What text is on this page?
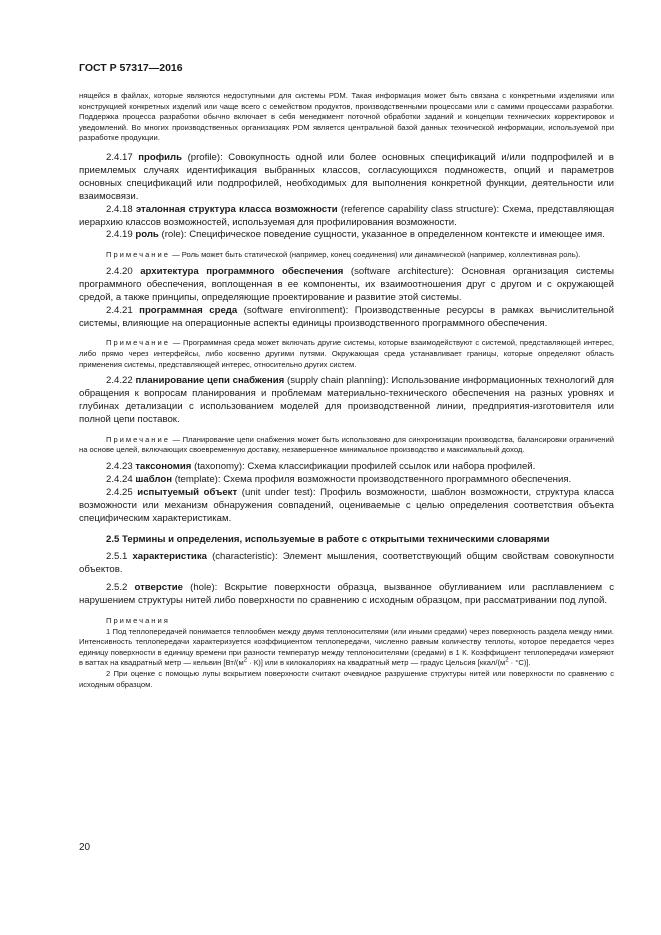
ГОСТ Р 57317—2016

нящейся в файлах, которые являются недоступными для системы PDM. Такая информация может быть связана с конкретными изделиями или конструкцией конкретных изделий или чаще всего с семейством продуктов, производственными процессами или с самими процессами разработки. Поддержка процесса разработки обычно включает в себя менеджмент поточной обработки заданий и концепции технических корректировок и уведомлений. Во многих производственных организациях PDM является центральной базой данных технической информации, используемой при разработке продукции.

2.4.17 профиль (profile): Совокупность одной или более основных спецификаций и/или подпрофилей и в приемлемых случаях идентификация выбранных классов, согласующихся подмножеств, опций и параметров основных спецификаций или подпрофилей, необходимых для выполнения конкретной функции, деятельности или взаимосвязи.

2.4.18 эталонная структура класса возможности (reference capability class structure): Схема, представляющая иерархию классов возможностей, используемая для профилирования возможности.

2.4.19 роль (role): Специфическое поведение сущности, указанное в определенном контексте и имеющее имя.

Примечание — Роль может быть статической (например, конец соединения) или динамической (например, коллективная роль).

2.4.20 архитектура программного обеспечения (software architecture): Основная организация системы программного обеспечения, воплощенная в ее компоненты, их взаимоотношения друг с другом и с окружающей средой, а также принципы, определяющие проектирование и развитие этой системы.

2.4.21 программная среда (software environment): Производственные ресурсы в рамках вычислительной системы, влияющие на операционные аспекты единицы производственного программного обеспечения.

Примечание — Программная среда может включать другие системы, которые взаимодействуют с системой, представляющей интерес, либо прямо через интерфейсы, либо косвенно другими путями. Окружающая среда устанавливает границы, которые определяют область применения системы, представляющей интерес, относительно других систем.

2.4.22 планирование цепи снабжения (supply chain planning): Использование информационных технологий для обращения к вопросам планирования и проблемам материально-технического обеспечения на разных уровнях и глубинах детализации с использованием моделей для производственной линии, предприятия-изготовителя или полной цепи поставок.

Примечание — Планирование цепи снабжения может быть использовано для синхронизации производства, балансировки ограничений на основе целей, включающих своевременную доставку, незавершенное минимальное производство и максимальный доход.

2.4.23 таксономия (taxonomy): Схема классификации профилей ссылок или набора профилей.

2.4.24 шаблон (template): Схема профиля возможности производственного программного обеспечения.

2.4.25 испытуемый объект (unit under test): Профиль возможности, шаблон возможности, структура класса возможности или механизм обнаружения совпадений, оцениваемые с целью определения соответствия объекта специфическим характеристикам.

2.5 Термины и определения, используемые в работе с открытыми техническими словарями

2.5.1 характеристика (characteristic): Элемент мышления, соответствующий общим свойствам совокупности объектов.

2.5.2 отверстие (hole): Вскрытие поверхности образца, вызванное обугливанием или расплавлением с нарушением структуры нитей либо поверхности по сравнению с исходным образцом, при рассматривании под лупой.

Примечания

1 Под теплопередачей понимается теплообмен между двумя теплоносителями (или иными средами) через поверхность раздела между ними. Интенсивность теплопередачи характеризуется коэффициентом теплопередачи, численно равным количеству теплоты, которое передается через единицу поверхности в единицу времени при разности температур между теплоносителями (средами) в 1 К. Коэффициент теплопередачи измеряют в ваттах на квадратный метр — кельвин $[Вт/(м^2 \cdot К)]$ или в килокалориях на квадратный метр — градус Цельсия $[ккал/(м^2 \cdot ^\circ С)]$.

2 При оценке с помощью лупы вскрытием поверхности считают очевидное разрушение структуры нитей или поверхности по сравнению с исходным образцом.

20
